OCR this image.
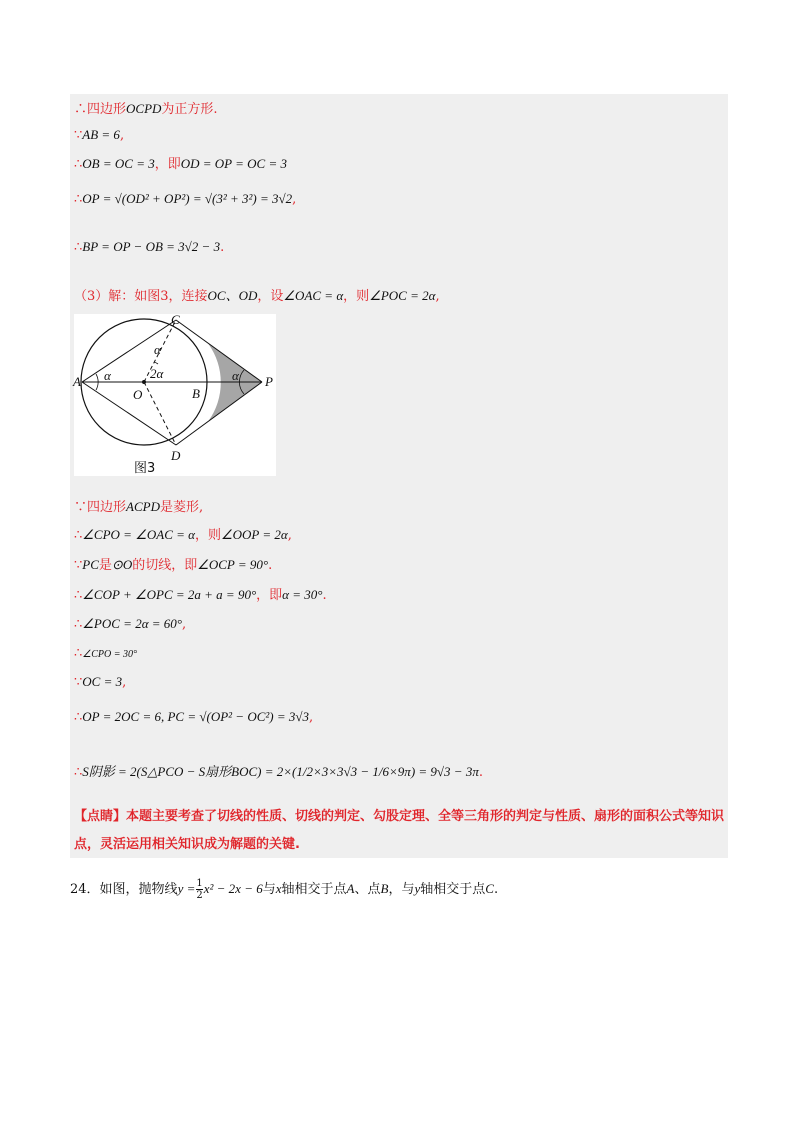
∴四边形OCPD为正方形.
∵AB = 6,
∴OB = OC = 3，即OD = OP = OC = 3
∴OP = √(OD² + OP²) = √(3² + 3²) = 3√2,
∴BP = OP − OB = 3√2 − 3.
（3）解：如图3，连接OC、OD，设∠OAC = α，则∠POC = 2α,
C
A
O	B
P
D
α
α
2α	α
图3
∵四边形ACPD是菱形,
∴∠CPO = ∠OAC = α，则∠OOP = 2α,
∵PC是⊙O的切线，即∠OCP = 90°.
∴∠COP + ∠OPC = 2a + a = 90°，即α = 30°.
∴∠POC = 2α = 60°,
∴∠CPO = 30°
∵OC = 3,
∴OP = 2OC = 6, PC = √(OP² − OC²) = 3√3,
∴S阴影 = 2(S△PCO − S扇形BOC) = 2×(1/2×3×3√3 − 1/6×9π) = 9√3 − 3π.
【点睛】本题主要考查了切线的性质、切线的判定、勾股定理、全等三角形的判定与性质、扇形的面积公式等知识点，灵活运用相关知识成为解题的关键.
24．如图，抛物线$y = \frac{1}{2} x^2 - 2x - 6$与x轴相交于点A、点B，与y轴相交于点C.
